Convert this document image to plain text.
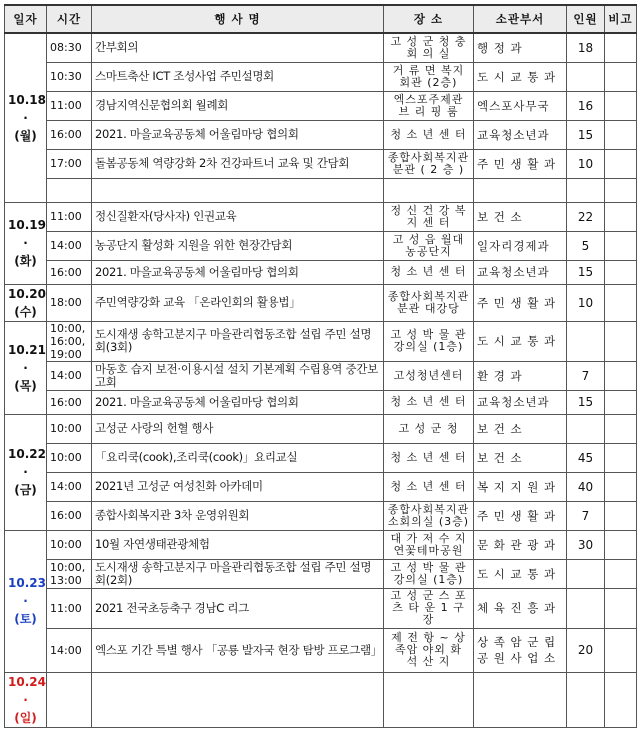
일자	시간	행 사 명	장 소	소관부서	인원	비고

10.18
·
(월)	08:30	간부회의	고 성 군 청 충 회 의 실	행 정 과	18	
	10:30	스마트축산 ICT 조성사업 주민설명회	거 류 면 복지회관 (2층)	도 시 교 통 과		
	11:00	경남지역신문협의회 월례회	엑스포주제관 브 리 핑 룸	엑스포사무국	16	
	16:00	2021. 마을교육공동체 어울림마당 협의회	청 소 년 센 터	교육청소년과	15	
	17:00	돌봄공동체 역량강화 2차 건강파트너 교육 및 간담회	종합사회복지관 분관 ( 2 층 )	주 민 생 활 과	10	

10.19
·
(화)	11:00	정신질환자(당사자) 인권교육	정 신 건 강 복 지 센 터	보 건 소	22	
	14:00	농공단지 활성화 지원을 위한 현장간담회	고 성 읍 월대농공단지	일자리경제과	5	
	16:00	2021. 마을교육공동체 어울림마당 협의회	청 소 년 센 터	교육청소년과	15	

10.20
(수)	18:00	주민역량강화 교육 「온라인회의 활용법」	종합사회복지관 분관 대강당	주 민 생 활 과	10	

10.21
·
(목)	10:00, 16:00, 19:00	도시재생 송학고분지구 마을관리협동조합 설립 주민 설명회(3회)	고 성 박 물 관 강의실 (1층)	도 시 교 통 과		
	14:00	마동호 습지 보전·이용시설 설치 기본계획 수립용역 중간보고회	고성청년센터	환 경 과	7	
	16:00	2021. 마을교육공동체 어울림마당 협의회	청 소 년 센 터	교육청소년과	15	

10.22
·
(금)	10:00	고성군 사랑의 헌혈 행사	고 성 군 청	보 건 소		
	10:00	「요리쿡(cook),조리쿡(cook)」요리교실	청 소 년 센 터	보 건 소	45	
	14:00	2021년 고성군 여성친화 아카데미	청 소 년 센 터	복 지 지 원 과	40	
	16:00	종합사회복지관 3차 운영위원회	종합사회복지관 소회의실 (3층)	주 민 생 활 과	7	

10.23
·
(토)	10:00	10월 자연생태관광체험	대 가 저 수 지 연꽃테마공원	문 화 관 광 과	30	
	10:00, 13:00	도시재생 송학고분지구 마을관리협동조합 설립 주민 설명회(2회)	고 성 박 물 관 강의실 (1층)	도 시 교 통 과		
	11:00	2021 전국초등축구 경남C 리그	고 성 군 스 포 츠 타 운 1 구 장	체 육 진 흥 과		
	14:00	엑스포 기간 특별 행사 「공룡 발자국 현장 탐방 프로그램」	제 전 항 ~ 상족암 야외 화 석 산 지	상 족 암 군 립 공 원 사 업 소	20	

10.24
·
(일)						
